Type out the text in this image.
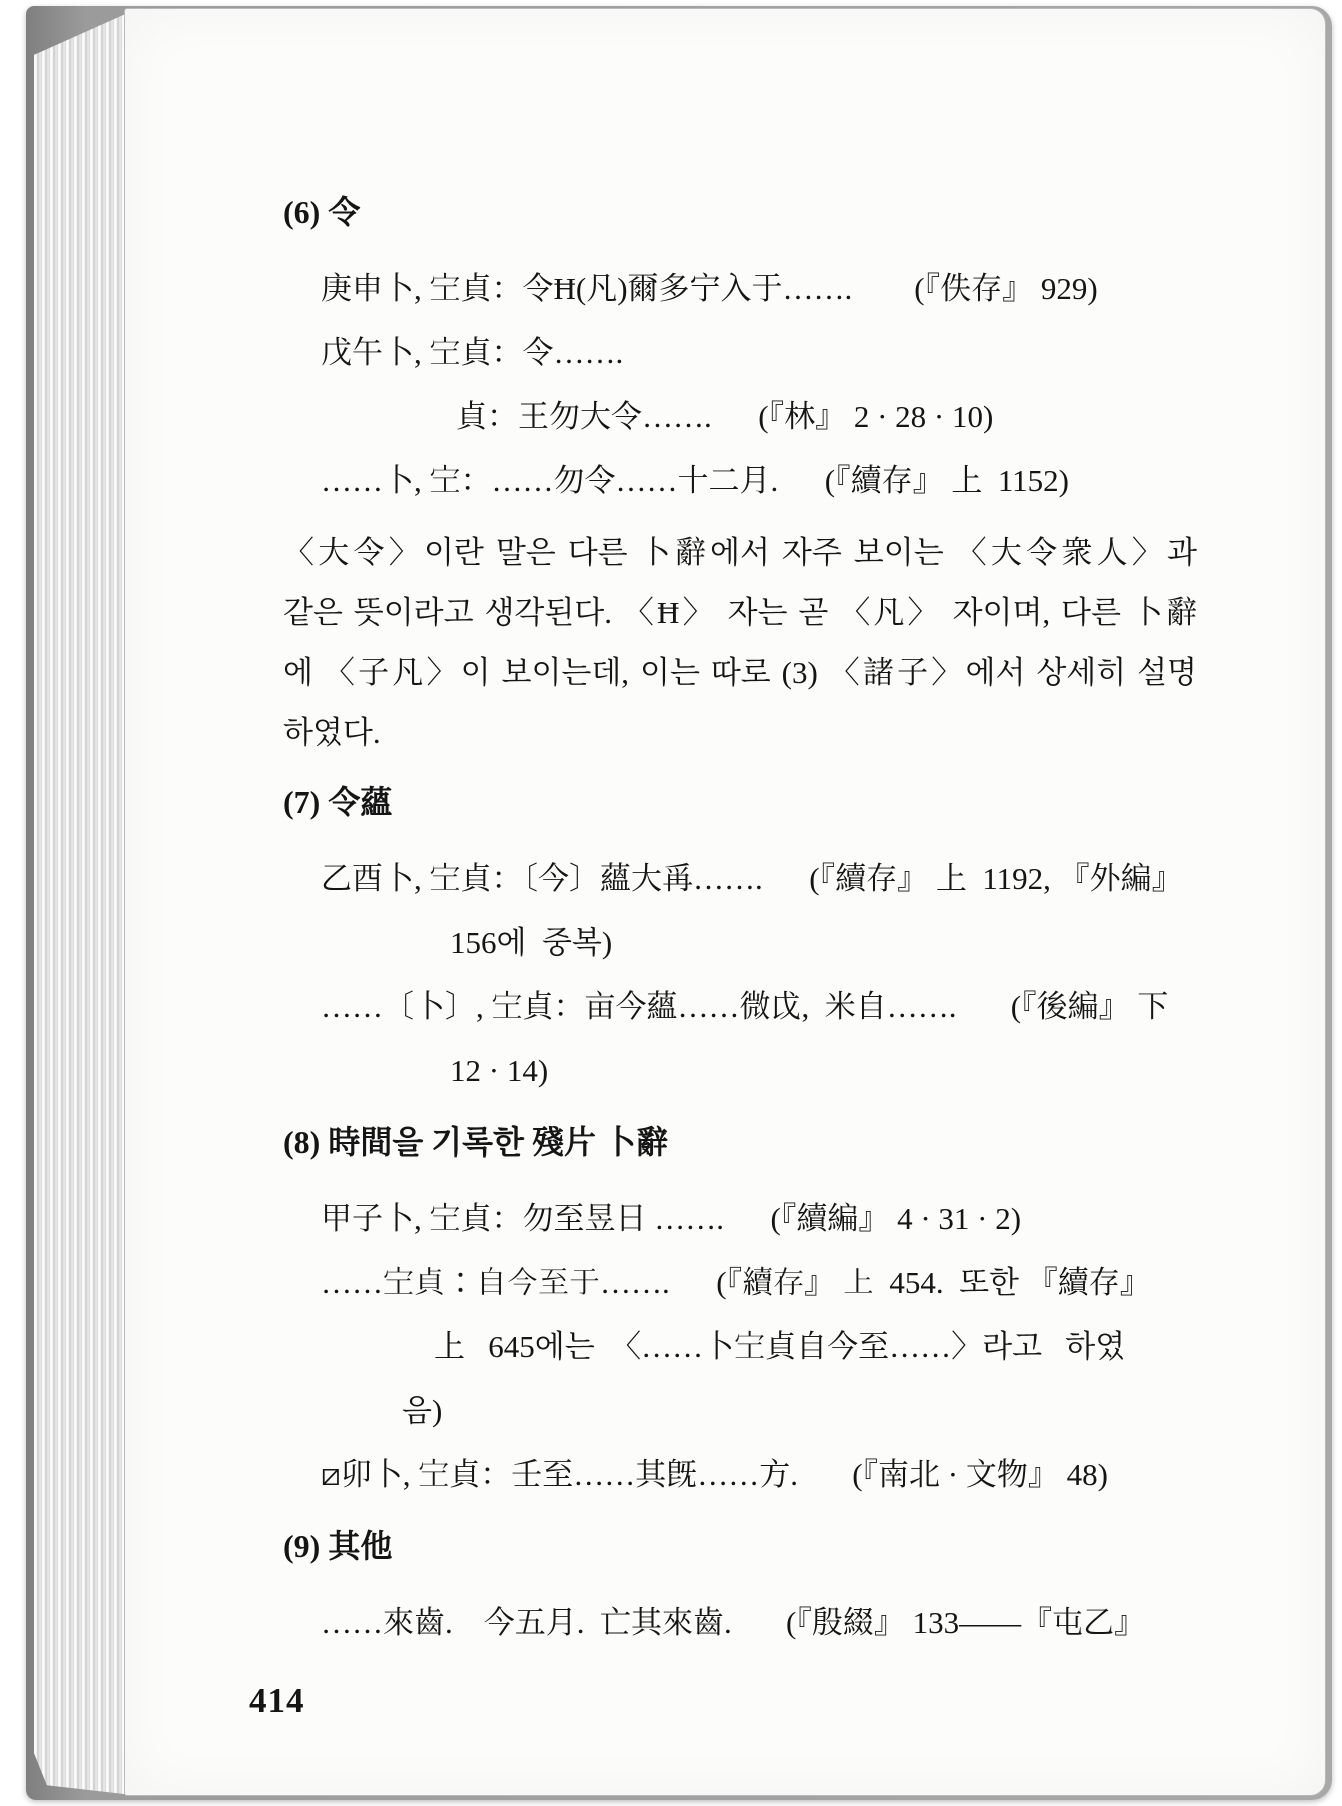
(6) 令
庚申卜, 𡧇貞：令Ħ(凡)爾多宁入于…….        (『佚存』 929)
戊午卜, 𡧇貞：令…….
貞：王勿大令…….      (『林』 2 · 28 · 10)
……卜, 𡧇：……勿令……十二月.      (『續存』 上  1152)
〈大令〉이란 말은 다른 卜辭에서 자주 보이는 〈大令衆人〉과
같은 뜻이라고 생각된다. 〈Ħ〉 자는 곧 〈凡〉 자이며, 다른 卜辭
에 〈子凡〉이 보이는데, 이는 따로 (3) 〈諸子〉에서 상세히 설명
하였다.
(7) 令蘊
乙酉卜, 𡧇貞：〔今〕蘊大爯…….      (『續存』 上  1192, 『外編』
156에  중복)
……〔卜〕, 𡧇貞：亩今蘊……微戉,  米自…….       (『後編』 下
12 · 14)
(8) 時間을 기록한 殘片 卜辭
甲子卜, 𡧇貞：勿至昱日 …….      (『續編』 4 · 31 · 2)
……𡧇貞：自今至于…….      (『續存』 上  454.  또한 『續存』
上   645에는  〈……卜𡧇貞自今至……〉라고   하였
음)
⧄卯卜, 𡧇貞：壬至……其旣……方.       (『南北 · 文物』 48)
(9) 其他
……來齒.    今五月.  亡其來齒.       (『殷綴』 133——『屯乙』
414
